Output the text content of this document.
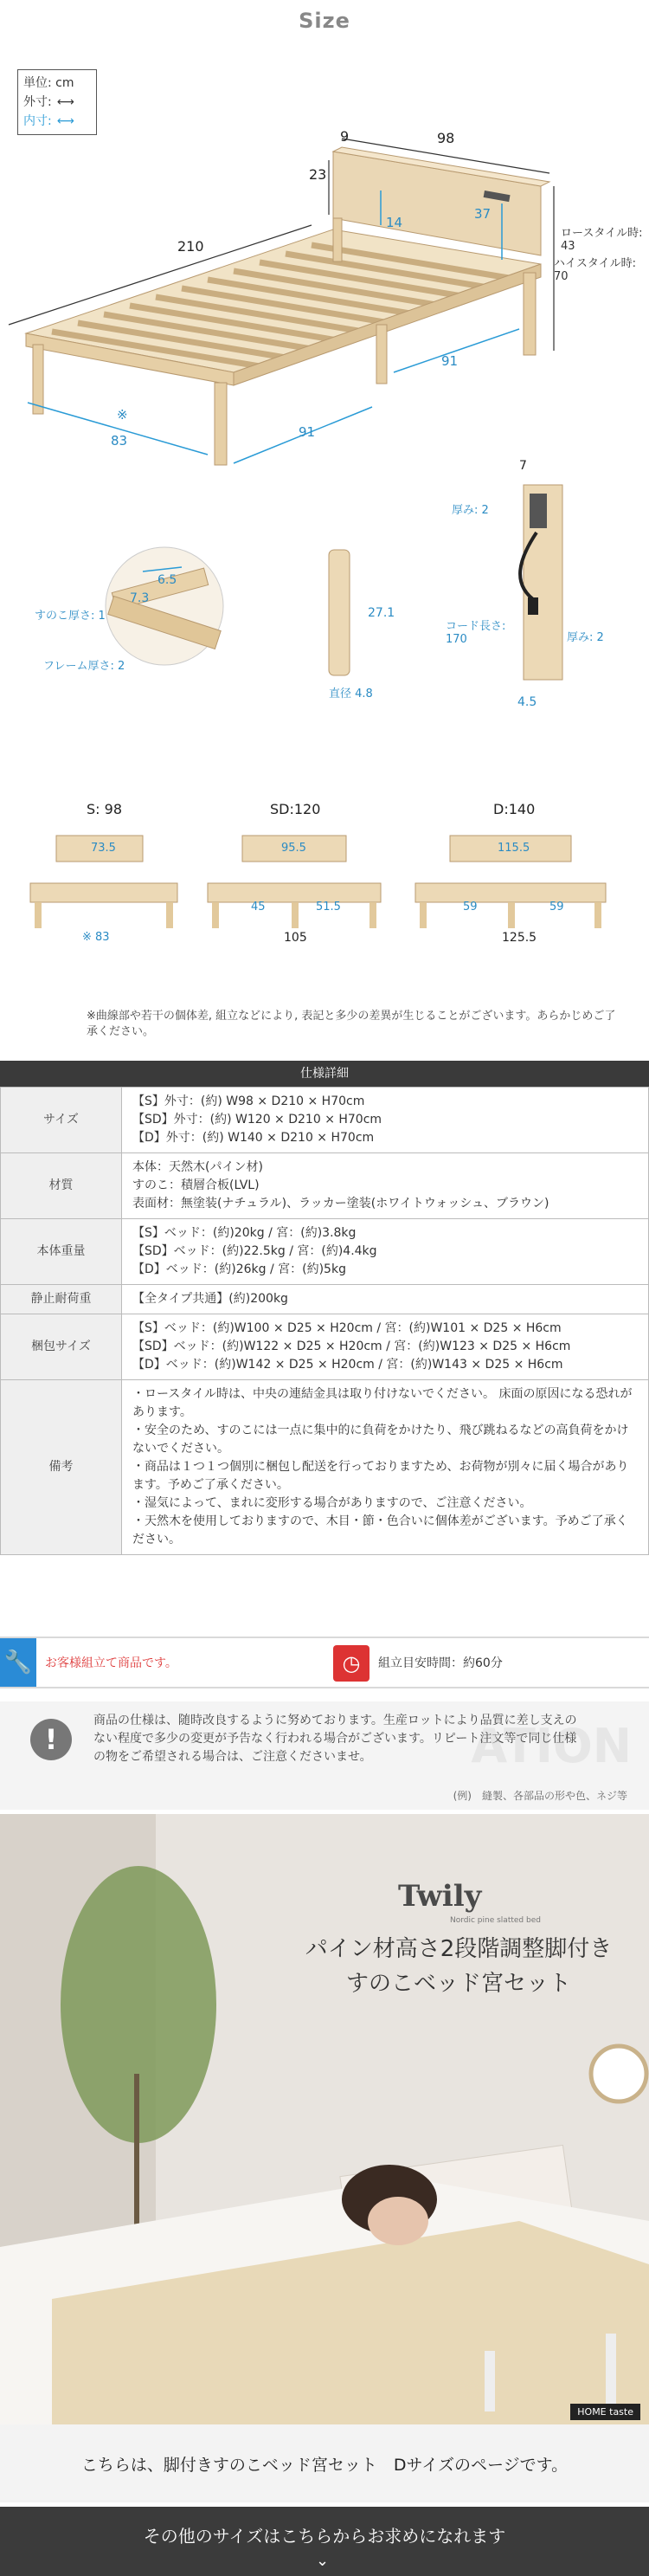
Size
単位: cm
外寸: ⟷
内寸: ⟷
9	98
23
14
37
210
ロースタイル時: 43
ハイスタイル時: 70
91
91
※
83
6.5
7.3
すのこ厚さ: 1
フレーム厚さ: 2
27.1
直径 4.8
7
厚み: 2
コード長さ: 170	厚み: 2
4.5
S: 98
73.5
※ 83
SD:120
95.5
45	51.5
105
D:140
115.5
59	59
125.5
※曲線部や若干の個体差, 組立などにより, 表記と多少の差異が生じることがございます。あらかじめご了承ください。
仕様詳細
サイズ	【S】外寸：(約) W98 × D210 × H70cm
【SD】外寸：(約) W120 × D210 × H70cm
【D】外寸：(約) W140 × D210 × H70cm

材質	本体：天然木(パイン材)
すのこ：積層合板(LVL)
表面材：無塗装(ナチュラル)、ラッカー塗装(ホワイトウォッシュ、ブラウン)

本体重量	【S】ベッド：(約)20kg / 宮：(約)3.8kg
【SD】ベッド：(約)22.5kg / 宮：(約)4.4kg
【D】ベッド：(約)26kg / 宮：(約)5kg

静止耐荷重	【全タイプ共通】(約)200kg

梱包サイズ	【S】ベッド：(約)W100 × D25 × H20cm / 宮：(約)W101 × D25 × H6cm
【SD】ベッド：(約)W122 × D25 × H20cm / 宮：(約)W123 × D25 × H6cm
【D】ベッド：(約)W142 × D25 × H20cm / 宮：(約)W143 × D25 × H6cm

備考	・ロースタイル時は、中央の連結金具は取り付けないでください。 床面の原因になる恐れがあります。
・安全のため、すのこには一点に集中的に負荷をかけたり、飛び跳ねるなどの高負荷をかけないでください。
・商品は１つ１つ個別に梱包し配送を行っておりますため、お荷物が別々に届く場合があります。予めご了承ください。
・湿気によって、まれに変形する場合がありますので、ご注意ください。
・天然木を使用しておりますので、木目・節・色合いに個体差がございます。予めご了承ください。
🔧	お客様組立て商品です。	◷	組立目安時間：約60分
ATION
!
商品の仕様は、随時改良するように努めております。生産ロットにより品質に差し支えのない程度で多少の変更が予告なく行われる場合がございます。リピート注文等で同じ仕様の物をご希望される場合は、ご注意くださいませ。
(例)　縫製、各部品の形や色、ネジ等
Twily
Nordic pine slatted bed
パイン材高さ2段階調整脚付き
すのこベッド宮セット
HOME taste
こちらは、脚付きすのこベッド宮セット　Dサイズのページです。
その他のサイズはこちらからお求めになれます
⌄
